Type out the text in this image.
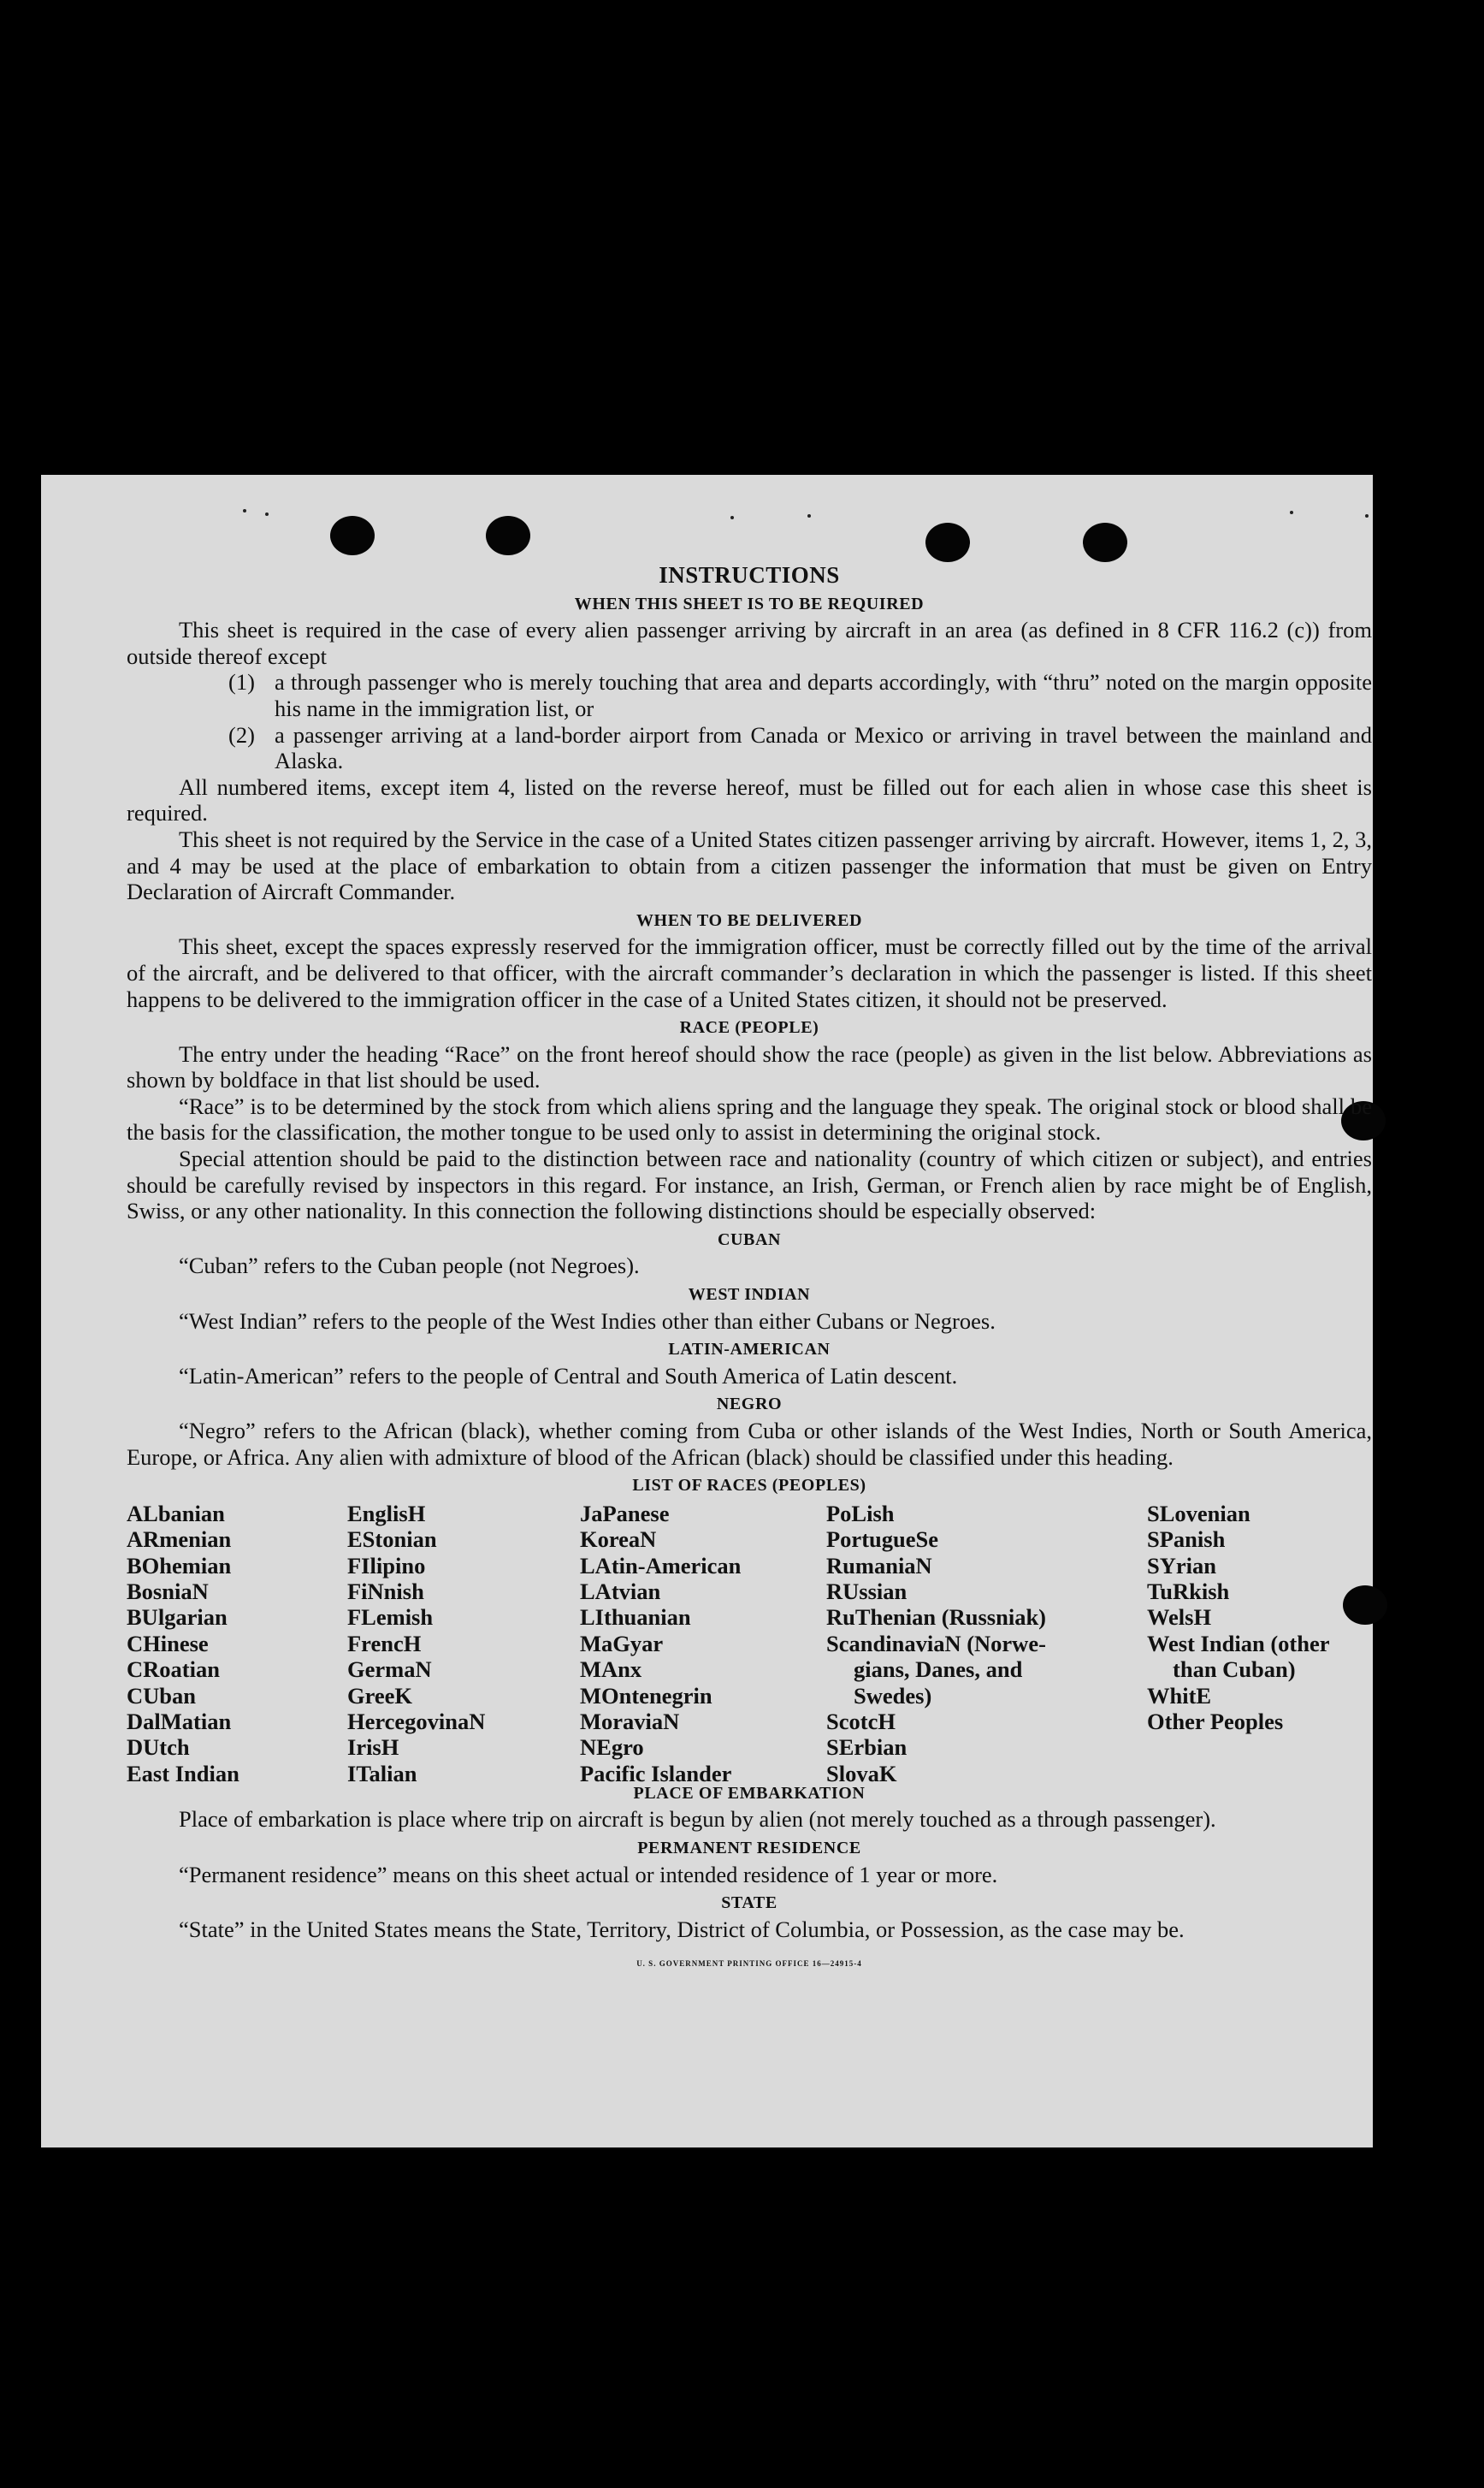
INSTRUCTIONS
WHEN THIS SHEET IS TO BE REQUIRED
This sheet is required in the case of every alien passenger arriving by aircraft in an area (as defined in 8 CFR 116.2 (c)) from outside thereof except
(1) a through passenger who is merely touching that area and departs accordingly, with “thru” noted on the margin opposite his name in the immigration list, or
(2) a passenger arriving at a land-border airport from Canada or Mexico or arriving in travel between the mainland and Alaska.
All numbered items, except item 4, listed on the reverse hereof, must be filled out for each alien in whose case this sheet is required.
This sheet is not required by the Service in the case of a United States citizen passenger arriving by aircraft. However, items 1, 2, 3, and 4 may be used at the place of embarkation to obtain from a citizen passenger the information that must be given on Entry Declaration of Aircraft Commander.
WHEN TO BE DELIVERED
This sheet, except the spaces expressly reserved for the immigration officer, must be correctly filled out by the time of the arrival of the aircraft, and be delivered to that officer, with the aircraft commander’s declaration in which the passenger is listed. If this sheet happens to be delivered to the immigration officer in the case of a United States citizen, it should not be preserved.
RACE (PEOPLE)
The entry under the heading “Race” on the front hereof should show the race (people) as given in the list below. Abbreviations as shown by boldface in that list should be used.
“Race” is to be determined by the stock from which aliens spring and the language they speak. The original stock or blood shall be the basis for the classification, the mother tongue to be used only to assist in determining the original stock.
Special attention should be paid to the distinction between race and nationality (country of which citizen or subject), and entries should be carefully revised by inspectors in this regard. For instance, an Irish, German, or French alien by race might be of English, Swiss, or any other nationality. In this connection the following distinctions should be especially observed:
CUBAN
“Cuban” refers to the Cuban people (not Negroes).
WEST INDIAN
“West Indian” refers to the people of the West Indies other than either Cubans or Negroes.
LATIN-AMERICAN
“Latin-American” refers to the people of Central and South America of Latin descent.
NEGRO
“Negro” refers to the African (black), whether coming from Cuba or other islands of the West Indies, North or South America, Europe, or Africa. Any alien with admixture of blood of the African (black) should be classified under this heading.
LIST OF RACES (PEOPLES)
ALbanian
ARmenian
BOhemian
BosniaN
BUlgarian
CHinese
CRoatian
CUban
DalMatian
DUtch
East Indian
EnglisH
EStonian
FIlipino
FiNnish
FLemish
FrencH
GermaN
GreeK
HercegovinaN
IrisH
ITalian
JaPanese
KoreaN
LAtin-American
LAtvian
LIthuanian
MaGyar
MAnx
MOntenegrin
MoraviaN
NEgro
Pacific Islander
PoLish
PortugueSe
RumaniaN
RUssian
RuThenian (Russniak)
ScandinaviaN (Norwe-
gians, Danes, and
Swedes)
ScotcH
SErbian
SlovaK
SLovenian
SPanish
SYrian
TuRkish
WelsH
West Indian (other
than Cuban)
WhitE
Other Peoples
PLACE OF EMBARKATION
Place of embarkation is place where trip on aircraft is begun by alien (not merely touched as a through passenger).
PERMANENT RESIDENCE
“Permanent residence” means on this sheet actual or intended residence of 1 year or more.
STATE
“State” in the United States means the State, Territory, District of Columbia, or Possession, as the case may be.
U. S. GOVERNMENT PRINTING OFFICE 16—24915-4
